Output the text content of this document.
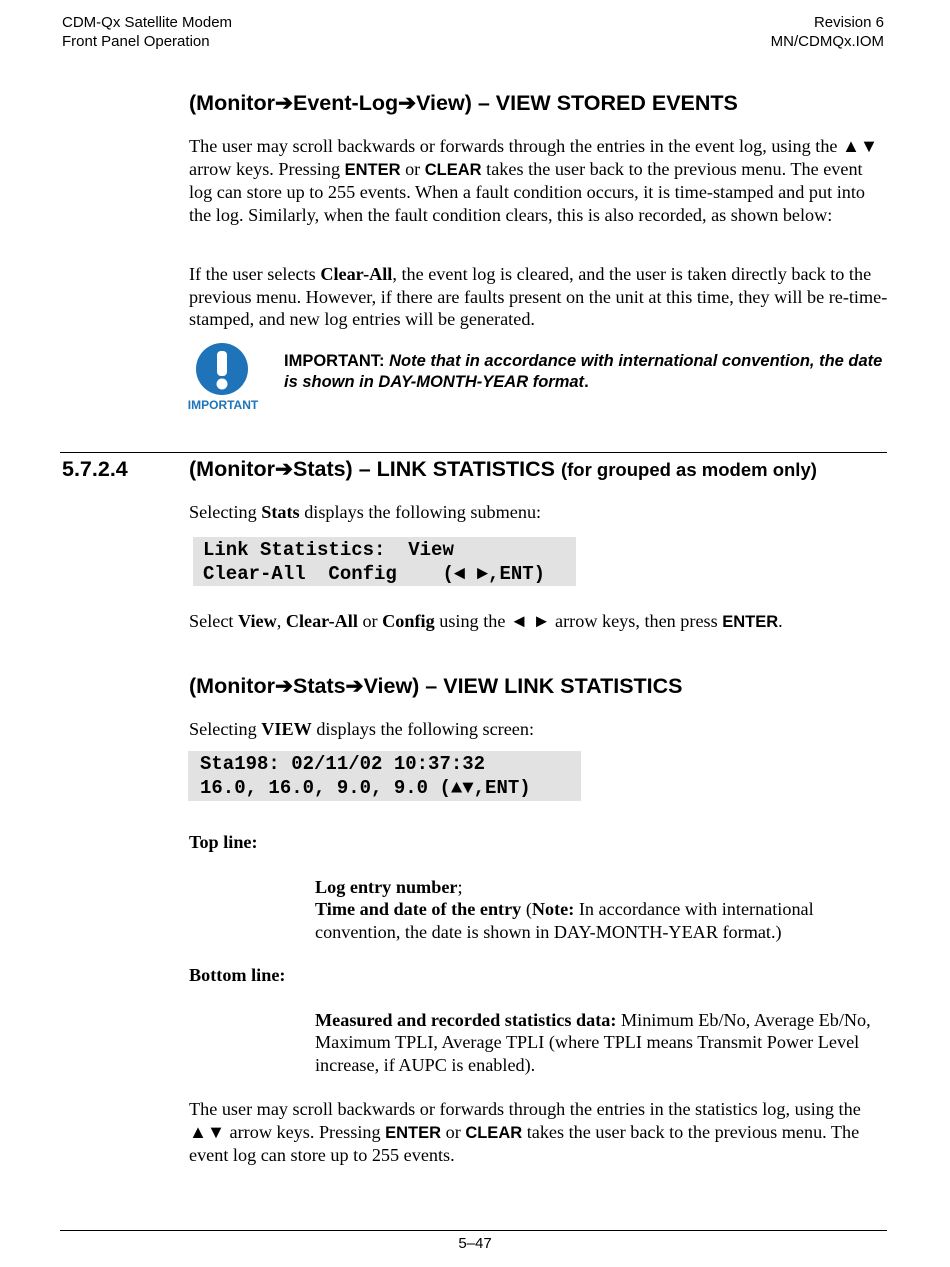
CDM-Qx Satellite Modem
Front Panel Operation
Revision 6
MN/CDMQx.IOM
(Monitor➔Event-Log➔View) – VIEW STORED EVENTS
The user may scroll backwards or forwards through the entries in the event log, using the ▲▼ arrow keys. Pressing ENTER or CLEAR takes the user back to the previous menu. The event log can store up to 255 events. When a fault condition occurs, it is time-stamped and put into the log. Similarly, when the fault condition clears, this is also recorded, as shown below:
If the user selects Clear-All, the event log is cleared, and the user is taken directly back to the previous menu. However, if there are faults present on the unit at this time, they will be re-time-stamped, and new log entries will be generated.
IMPORTANT
IMPORTANT: Note that in accordance with international convention, the date is shown in DAY-MONTH-YEAR format.
5.7.2.4	(Monitor➔Stats) – LINK STATISTICS (for grouped as modem only)
Selecting Stats displays the following submenu:
Link Statistics:  View
Clear-All  Config    (◄ ►,ENT)
Select View, Clear-All or Config using the ◄ ► arrow keys, then press ENTER.
(Monitor➔Stats➔View) – VIEW LINK STATISTICS
Selecting VIEW displays the following screen:
Sta198: 02/11/02 10:37:32
16.0, 16.0, 9.0, 9.0 (▲▼,ENT)
Top line:
Log entry number;
Time and date of the entry (Note: In accordance with international convention, the date is shown in DAY-MONTH-YEAR format.)
Bottom line:
Measured and recorded statistics data: Minimum Eb/No, Average Eb/No, Maximum TPLI, Average TPLI (where TPLI means Transmit Power Level increase, if AUPC is enabled).
The user may scroll backwards or forwards through the entries in the statistics log, using the ▲▼ arrow keys. Pressing ENTER or CLEAR takes the user back to the previous menu. The event log can store up to 255 events.
5–47
